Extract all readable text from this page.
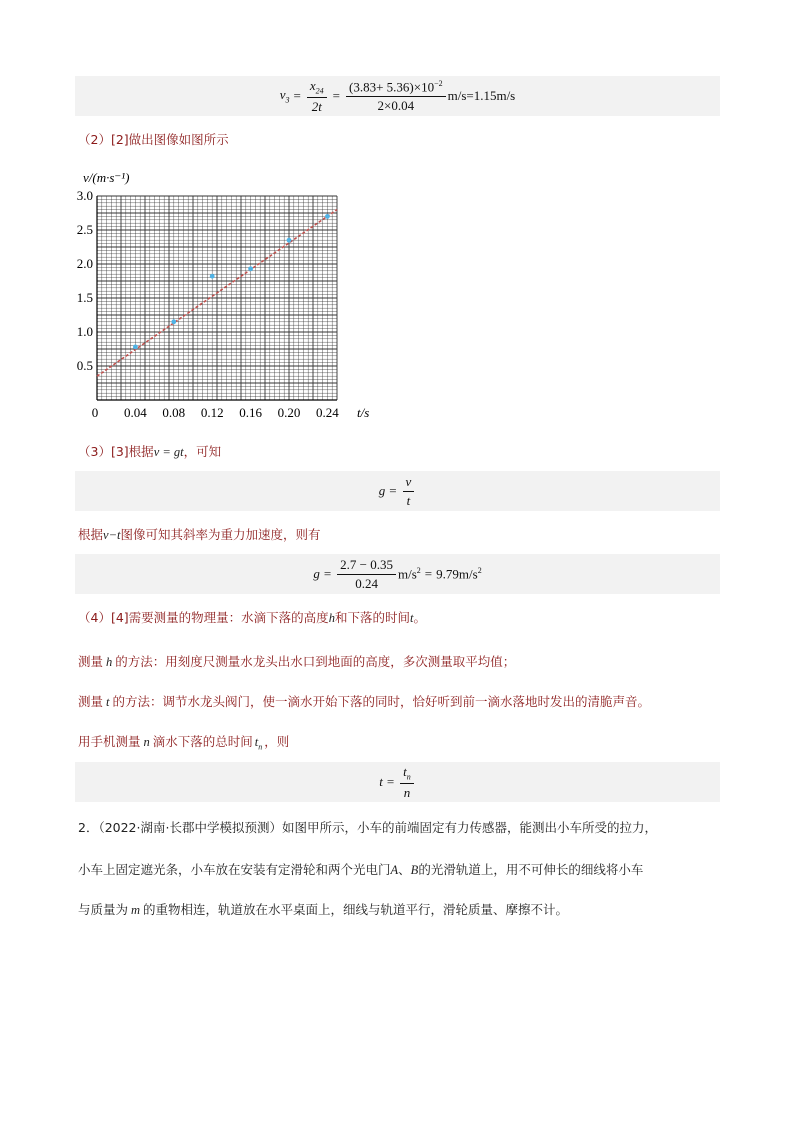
$v_3 = \frac{x_{24}}{2t} = \frac{(3.83+ 5.36)\times 10^{-2}}{2\times 0.04} m/s=1.15m/s$
（2）[2]做出图像如图所示
0.5
1.0
1.5
2.0
2.5
3.0
0 0.04 0.08 0.12 0.16 0.20 0.24
v/(m·s⁻¹)
t/s
（3）[3]根据v = gt，可知
$g = \frac{v}{t}$
根据v−t图像可知其斜率为重力加速度，则有
$g = \frac{2.7 - 0.35}{0.24} m/s^2 = 9.79m/s^2$
（4）[4]需要测量的物理量：水滴下落的高度h和下落的时间t。
测量 h 的方法：用刻度尺测量水龙头出水口到地面的高度，多次测量取平均值；
测量 t 的方法：调节水龙头阀门，使一滴水开始下落的同时，恰好听到前一滴水落地时发出的清脆声音。
用手机测量 n 滴水下落的总时间 $t_n$ ，则
$t = \frac{t_n}{n}$
2．（2022·湖南·长郡中学模拟预测）如图甲所示，小车的前端固定有力传感器，能测出小车所受的拉力，
小车上固定遮光条，小车放在安装有定滑轮和两个光电门A、B的光滑轨道上，用不可伸长的细线将小车
与质量为 m 的重物相连，轨道放在水平桌面上，细线与轨道平行，滑轮质量、摩擦不计。
